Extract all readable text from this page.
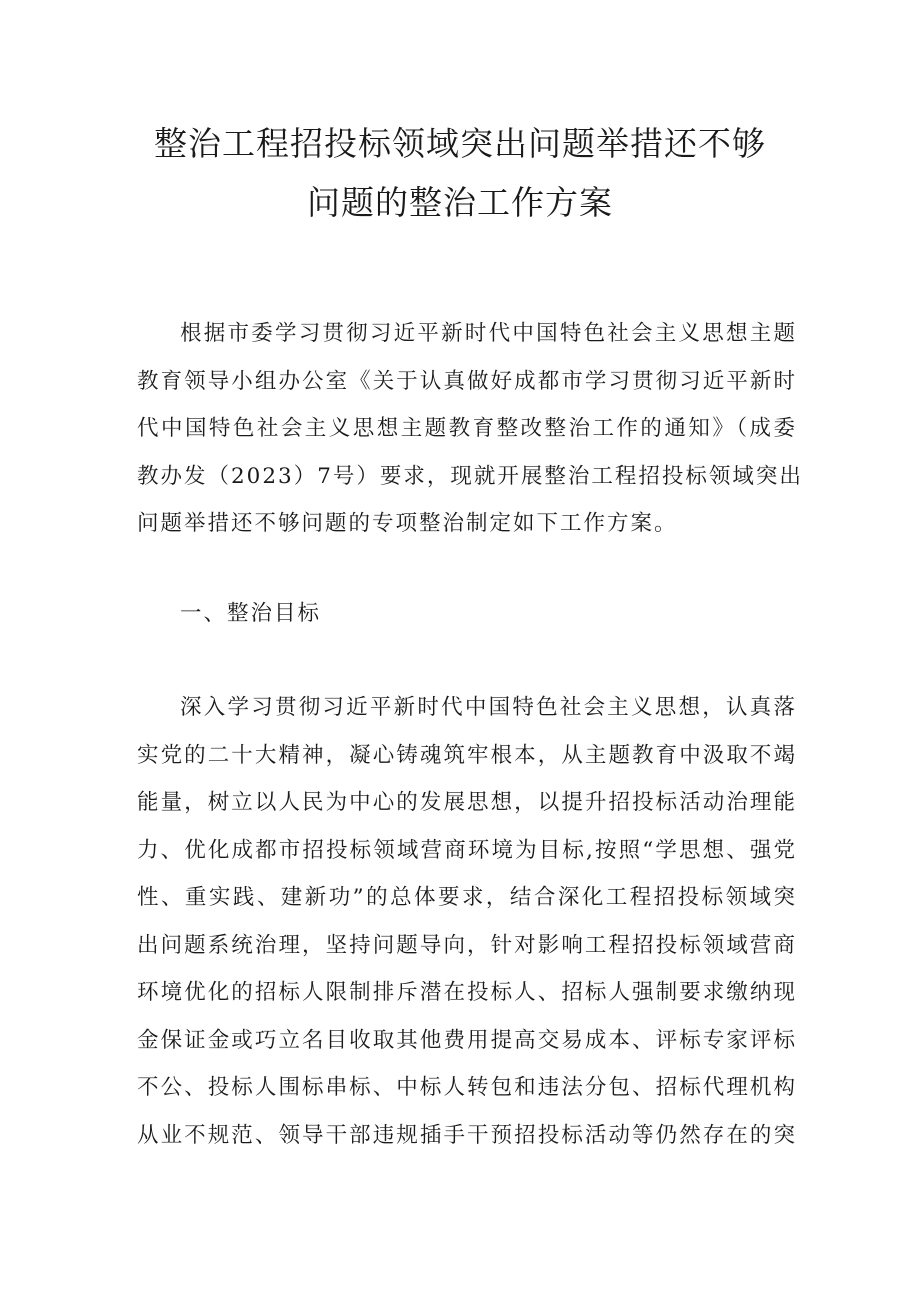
整治工程招投标领域突出问题举措还不够
问题的整治工作方案
根据市委学习贯彻习近平新时代中国特色社会主义思想主题
教育领导小组办公室《关于认真做好成都市学习贯彻习近平新时
代中国特色社会主义思想主题教育整改整治工作的通知》（成委
教办发（2023）7号）要求，现就开展整治工程招投标领域突出
问题举措还不够问题的专项整治制定如下工作方案。
一、整治目标
深入学习贯彻习近平新时代中国特色社会主义思想，认真落
实党的二十大精神，凝心铸魂筑牢根本，从主题教育中汲取不竭
能量，树立以人民为中心的发展思想，以提升招投标活动治理能
力、优化成都市招投标领域营商环境为目标,按照“学思想、强党
性、重实践、建新功”的总体要求，结合深化工程招投标领域突
出问题系统治理，坚持问题导向，针对影响工程招投标领域营商
环境优化的招标人限制排斥潜在投标人、招标人强制要求缴纳现
金保证金或巧立名目收取其他费用提高交易成本、评标专家评标
不公、投标人围标串标、中标人转包和违法分包、招标代理机构
从业不规范、领导干部违规插手干预招投标活动等仍然存在的突
